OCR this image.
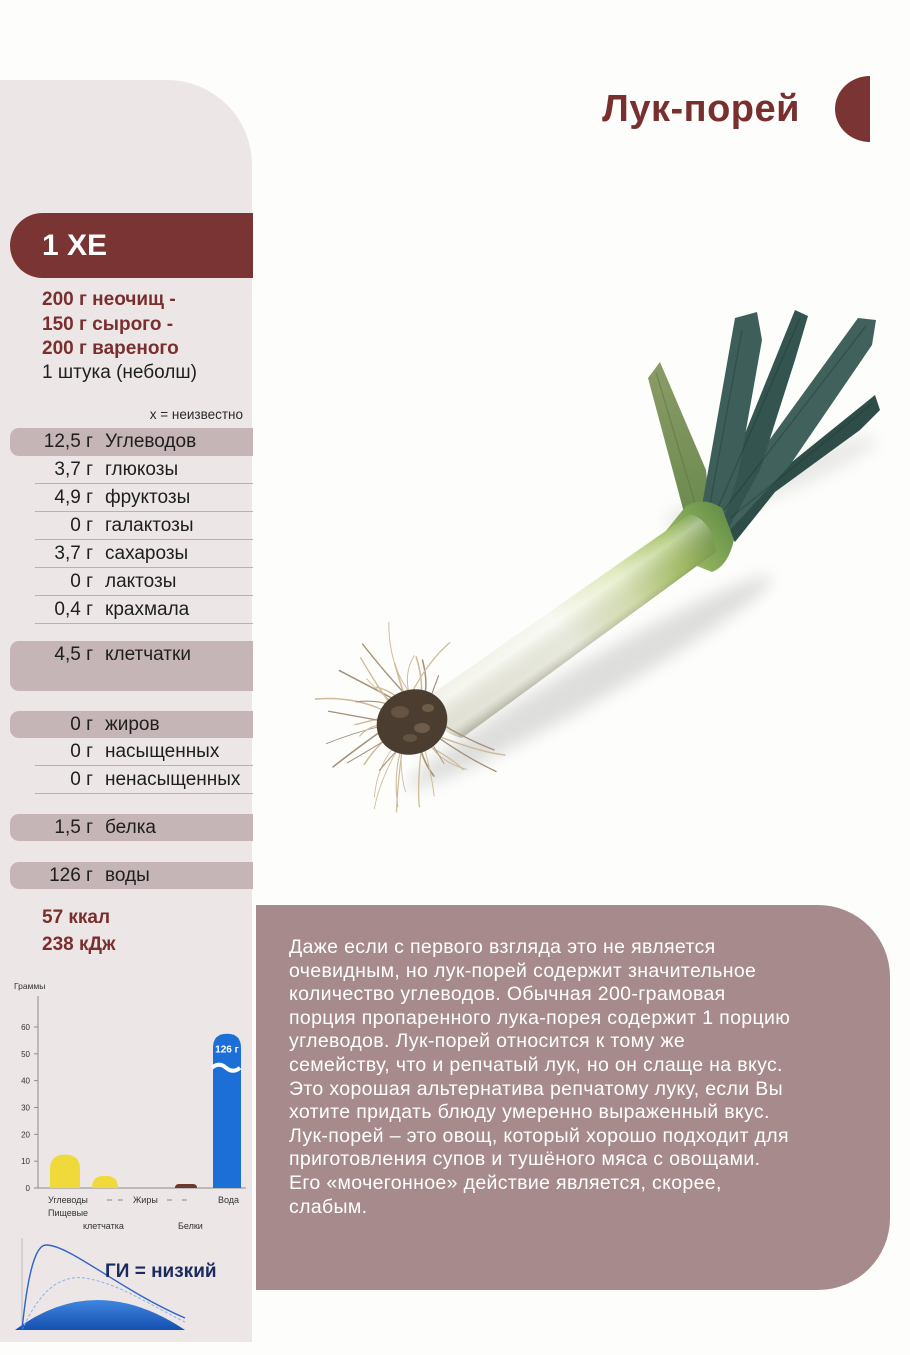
Лук-порей
1 ХЕ
200 г неочищ -
150 г сырого -
200 г вареного
1 штука (неболш)
x = неизвестно
12,5 г Углеводов
3,7 г глюкозы
4,9 г фруктозы
0 г галактозы
3,7 г сахарозы
0 г лактозы
0,4 г крахмала
4,5 г клетчатки
0 г жиров
0 г насыщенных
0 г ненасыщенных
1,5 г белка
126 г воды
57 ккал
238 кДж
Граммы
0
10
20
30
40
50
60
126 г
Углеводы
Пищевые
клетчатка
Жиры
Белки
Вода
ГИ = низкий
Даже если с первого взгляда это не является
очевидным, но лук-порей содержит значительное
количество углеводов. Обычная 200-грамовая
порция пропаренного лука-порея содержит 1 порцию
углеводов. Лук-порей относится к тому же
семейству, что и репчатый лук, но он слаще на вкус.
Это хорошая альтернатива репчатому луку, если Вы
хотите придать блюду умеренно выраженный вкус.
Лук-порей – это овощ, который хорошо подходит для
приготовления супов и тушёного мяса с овощами.
Его «мочегонное» действие является, скорее,
слабым.
